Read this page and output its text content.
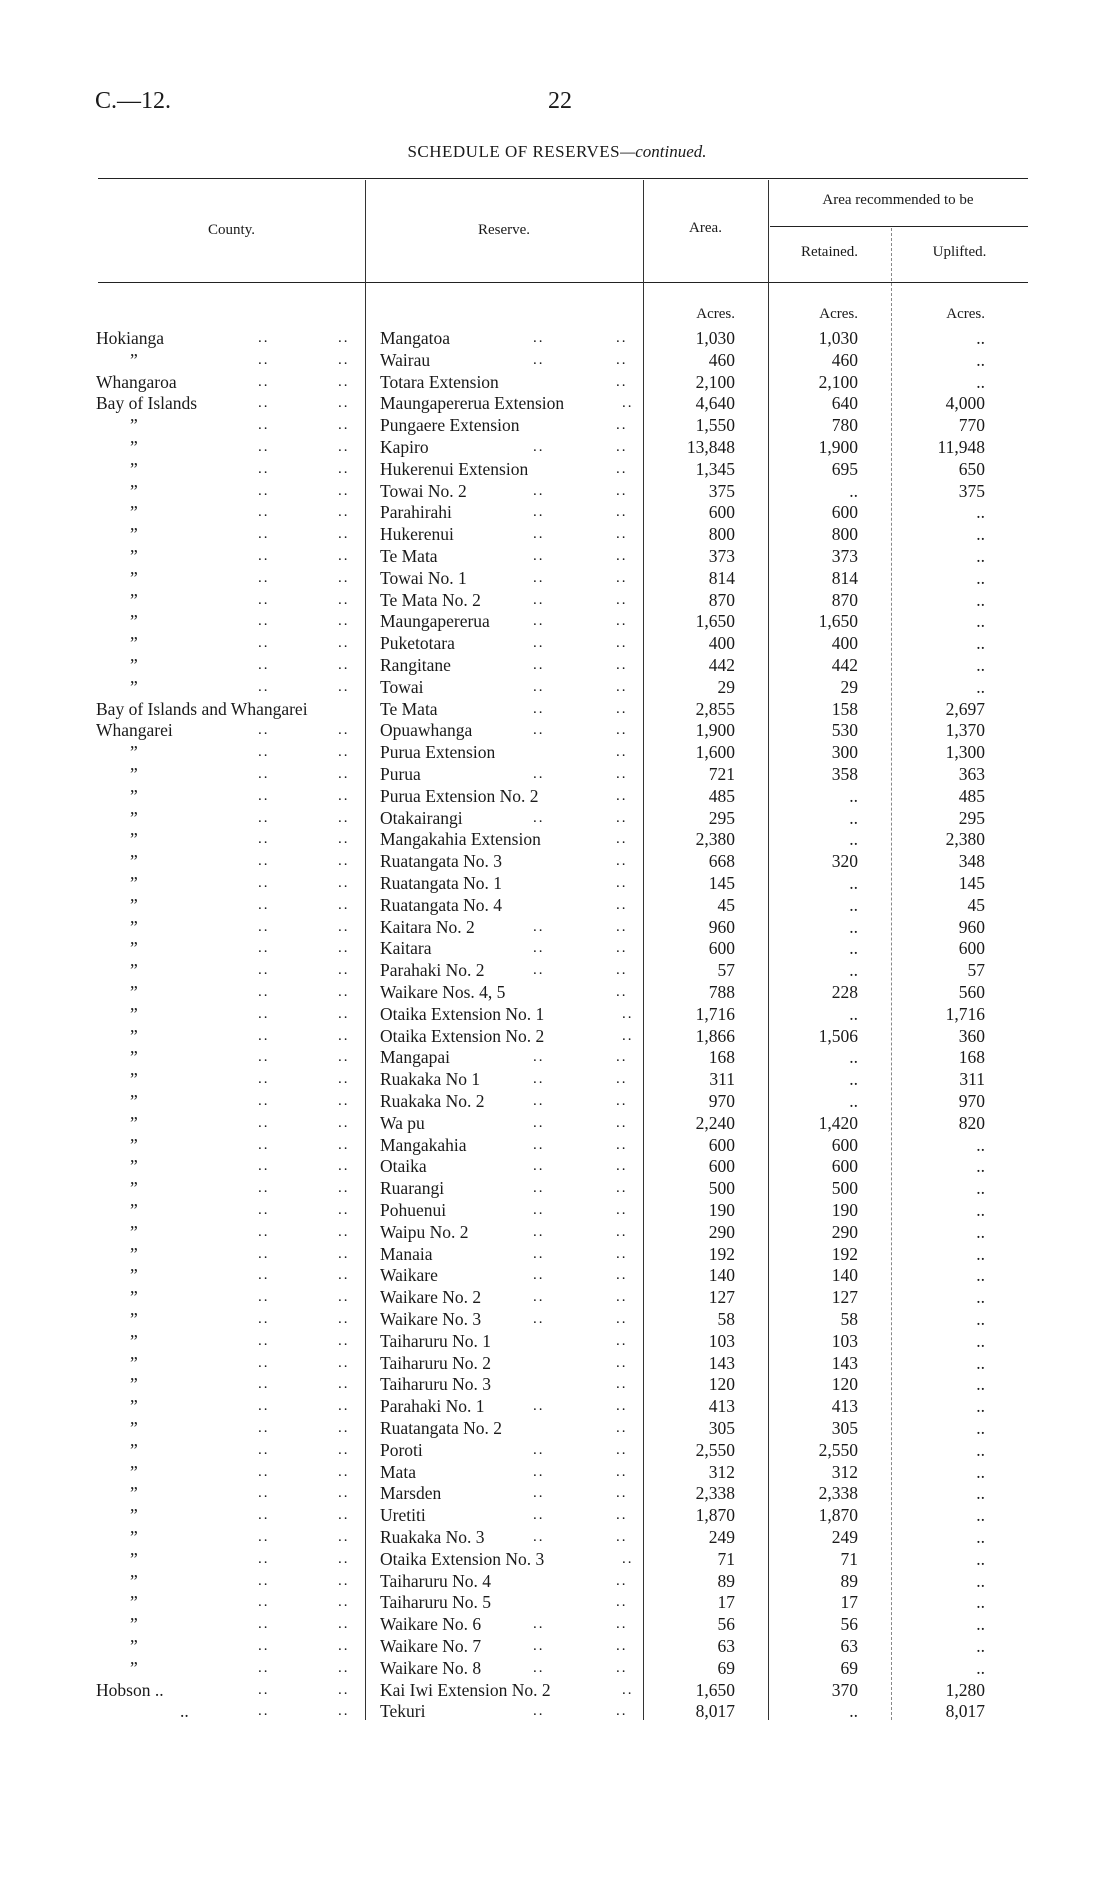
C.—12.	22
SCHEDULE OF RESERVES—continued.
County.	Reserve.	Area.
Area recommended to be
Retained.	Uplifted.
Acres.	Acres.	Acres.
Hokianga	..	.. Mangatoa	..	..	1,030	1,030	..
”	..	.. Wairau	..	..	460	460	..
Whangaroa	..	.. Totara Extension	..	2,100	2,100	..
Bay of Islands	..	.. Maungapererua Extension	..	4,640	640	4,000
”	..	.. Pungaere Extension	..	1,550	780	770
”	..	.. Kapiro	..	..	13,848	1,900	11,948
”	..	.. Hukerenui Extension	..	1,345	695	650
”	..	.. Towai No. 2	..	..	375	..	375
”	..	.. Parahirahi	..	..	600	600	..
”	..	.. Hukerenui	..	..	800	800	..
”	..	.. Te Mata	..	..	373	373	..
”	..	.. Towai No. 1	..	..	814	814	..
”	..	.. Te Mata No. 2	..	..	870	870	..
”	..	.. Maungapererua	..	..	1,650	1,650	..
”	..	.. Puketotara	..	..	400	400	..
”	..	.. Rangitane	..	..	442	442	..
”	..	.. Towai	..	..	29	29	..
Bay of Islands and Whangarei	Te Mata	..	..	2,855	158	2,697
Whangarei	..	.. Opuawhanga	..	..	1,900	530	1,370
”	..	.. Purua Extension	..	1,600	300	1,300
”	..	.. Purua	..	..	721	358	363
”	..	.. Purua Extension No. 2	..	485	..	485
”	..	.. Otakairangi	..	..	295	..	295
”	..	.. Mangakahia Extension	..	2,380	..	2,380
”	..	.. Ruatangata No. 3	..	668	320	348
”	..	.. Ruatangata No. 1	..	145	..	145
”	..	.. Ruatangata No. 4	..	45	..	45
”	..	.. Kaitara No. 2	..	..	960	..	960
”	..	.. Kaitara	..	..	600	..	600
”	..	.. Parahaki No. 2	..	..	57	..	57
”	..	.. Waikare Nos. 4, 5	..	788	228	560
”	..	.. Otaika Extension No. 1	..	1,716	..	1,716
”	..	.. Otaika Extension No. 2	..	1,866	1,506	360
”	..	.. Mangapai	..	..	168	..	168
”	..	.. Ruakaka No 1	..	..	311	..	311
”	..	.. Ruakaka No. 2	..	..	970	..	970
”	..	.. Wa pu	..	..	2,240	1,420	820
”	..	.. Mangakahia	..	..	600	600	..
”	..	.. Otaika	..	..	600	600	..
”	..	.. Ruarangi	..	..	500	500	..
”	..	.. Pohuenui	..	..	190	190	..
”	..	.. Waipu No. 2	..	..	290	290	..
”	..	.. Manaia	..	..	192	192	..
”	..	.. Waikare	..	..	140	140	..
”	..	.. Waikare No. 2	..	..	127	127	..
”	..	.. Waikare No. 3	..	..	58	58	..
”	..	.. Taiharuru No. 1	..	103	103	..
”	..	.. Taiharuru No. 2	..	143	143	..
”	..	.. Taiharuru No. 3	..	120	120	..
”	..	.. Parahaki No. 1	..	..	413	413	..
”	..	.. Ruatangata No. 2	..	305	305	..
”	..	.. Poroti	..	..	2,550	2,550	..
”	..	.. Mata	..	..	312	312	..
”	..	.. Marsden	..	..	2,338	2,338	..
”	..	.. Uretiti	..	..	1,870	1,870	..
”	..	.. Ruakaka No. 3	..	..	249	249	..
”	..	.. Otaika Extension No. 3	..	71	71	..
”	..	.. Taiharuru No. 4	..	89	89	..
”	..	.. Taiharuru No. 5	..	17	17	..
”	..	.. Waikare No. 6	..	..	56	56	..
”	..	.. Waikare No. 7	..	..	63	63	..
”	..	.. Waikare No. 8	..	..	69	69	..
Hobson ..	..	.. Kai Iwi Extension No. 2	..	1,650	370	1,280
..	..	.. Tekuri	..	..	8,017	..	8,017
